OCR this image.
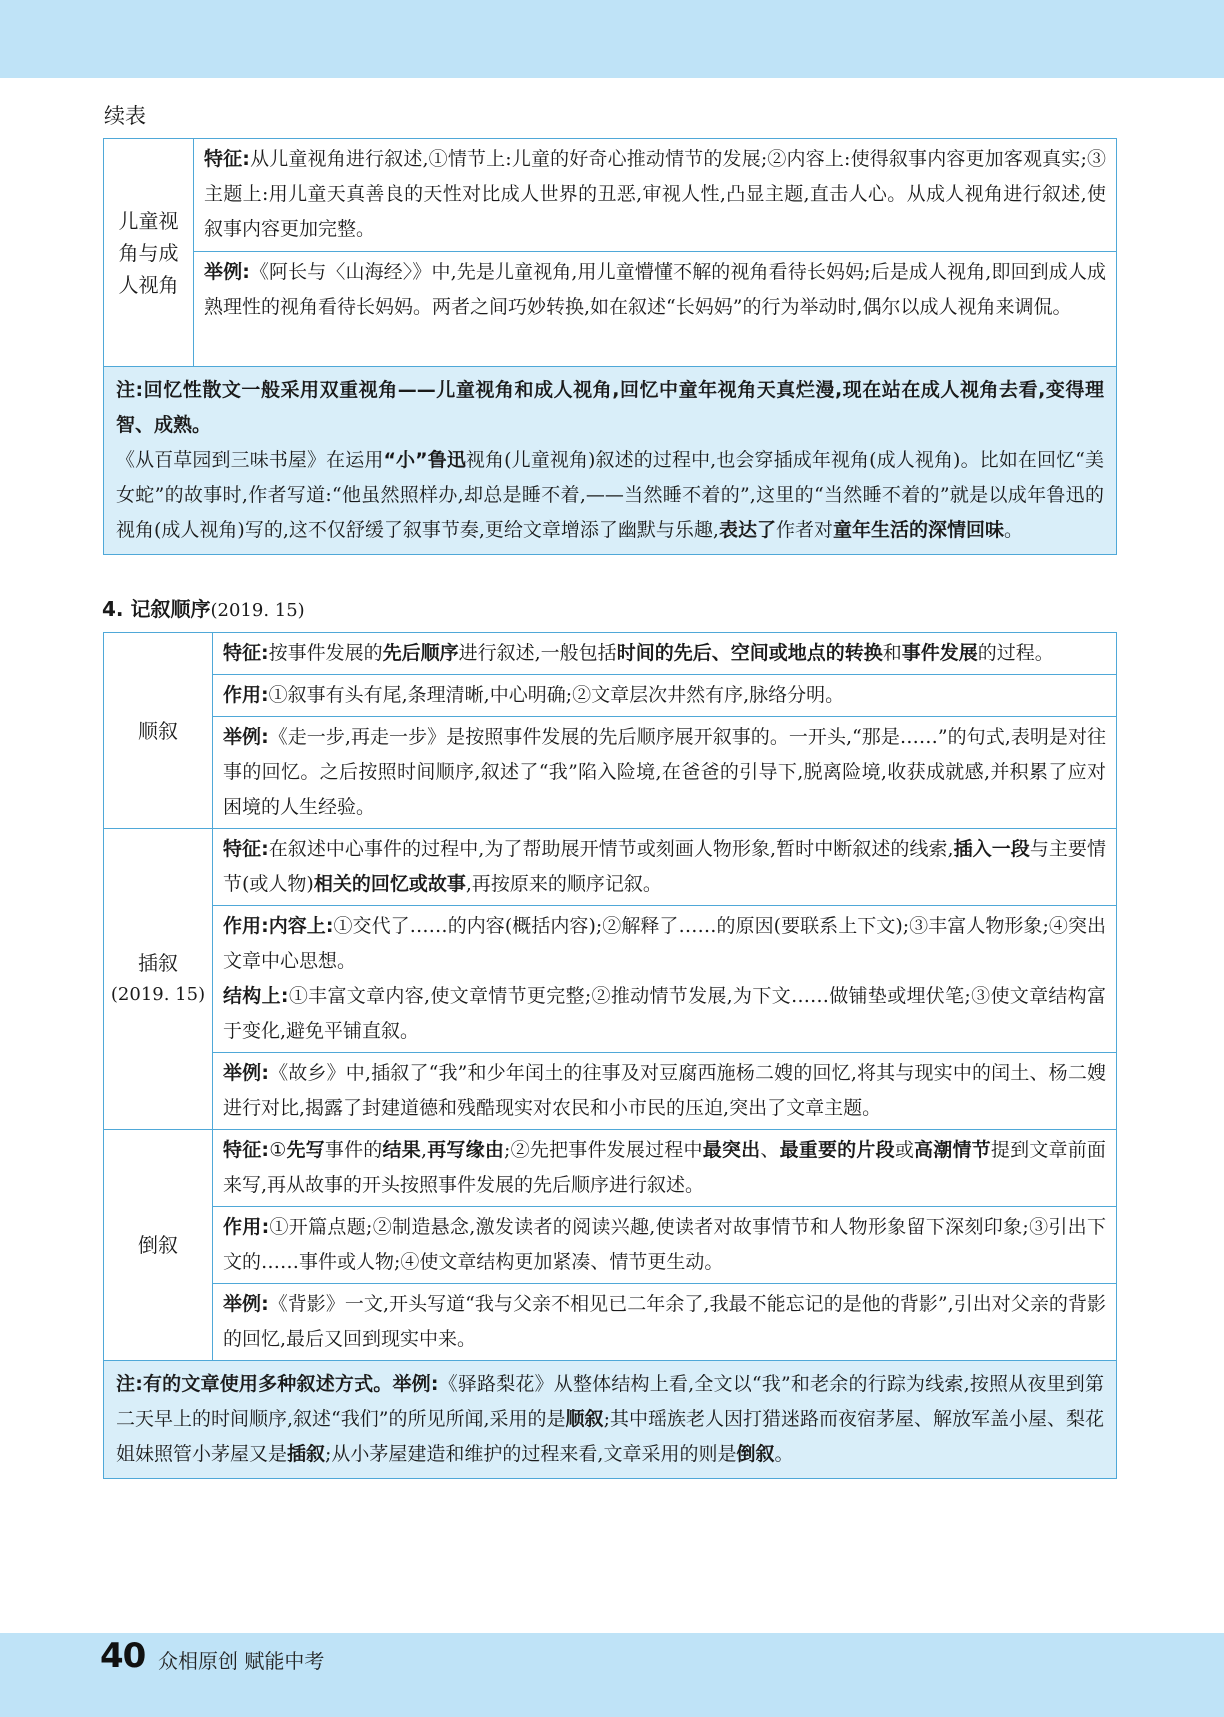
续表
儿童视角与成人视角	特征:从儿童视角进行叙述,①情节上:儿童的好奇心推动情节的发展;②内容上:使得叙事内容更加客观真实;③主题上:用儿童天真善良的天性对比成人世界的丑恶,审视人性,凸显主题,直击人心。从成人视角进行叙述,使叙事内容更加完整。
举例:《阿长与〈山海经〉》中,先是儿童视角,用儿童懵懂不解的视角看待长妈妈;后是成人视角,即回到成人成熟理性的视角看待长妈妈。两者之间巧妙转换,如在叙述“长妈妈”的行为举动时,偶尔以成人视角来调侃。
注:回忆性散文一般采用双重视角——儿童视角和成人视角,回忆中童年视角天真烂漫,现在站在成人视角去看,变得理智、成熟。
《从百草园到三味书屋》在运用“小”鲁迅视角(儿童视角)叙述的过程中,也会穿插成年视角(成人视角)。比如在回忆“美女蛇”的故事时,作者写道:“他虽然照样办,却总是睡不着,——当然睡不着的”,这里的“当然睡不着的”就是以成年鲁迅的视角(成人视角)写的,这不仅舒缓了叙事节奏,更给文章增添了幽默与乐趣,表达了作者对童年生活的深情回味。
4. 记叙顺序(2019. 15)
顺叙	特征:按事件发展的先后顺序进行叙述,一般包括时间的先后、空间或地点的转换和事件发展的过程。
	作用:①叙事有头有尾,条理清晰,中心明确;②文章层次井然有序,脉络分明。
	举例:《走一步,再走一步》是按照事件发展的先后顺序展开叙事的。一开头,“那是……”的句式,表明是对往事的回忆。之后按照时间顺序,叙述了“我”陷入险境,在爸爸的引导下,脱离险境,收获成就感,并积累了应对困境的人生经验。
插叙
(2019. 15)	特征:在叙述中心事件的过程中,为了帮助展开情节或刻画人物形象,暂时中断叙述的线索,插入一段与主要情节(或人物)相关的回忆或故事,再按原来的顺序记叙。
	作用:内容上:①交代了……的内容(概括内容);②解释了……的原因(要联系上下文);③丰富人物形象;④突出文章中心思想。
结构上:①丰富文章内容,使文章情节更完整;②推动情节发展,为下文……做铺垫或埋伏笔;③使文章结构富于变化,避免平铺直叙。
	举例:《故乡》中,插叙了“我”和少年闰土的往事及对豆腐西施杨二嫂的回忆,将其与现实中的闰土、杨二嫂进行对比,揭露了封建道德和残酷现实对农民和小市民的压迫,突出了文章主题。
倒叙	特征:①先写事件的结果,再写缘由;②先把事件发展过程中最突出、最重要的片段或高潮情节提到文章前面来写,再从故事的开头按照事件发展的先后顺序进行叙述。
	作用:①开篇点题;②制造悬念,激发读者的阅读兴趣,使读者对故事情节和人物形象留下深刻印象;③引出下文的……事件或人物;④使文章结构更加紧凑、情节更生动。
	举例:《背影》一文,开头写道“我与父亲不相见已二年余了,我最不能忘记的是他的背影”,引出对父亲的背影的回忆,最后又回到现实中来。
注:有的文章使用多种叙述方式。举例:《驿路梨花》从整体结构上看,全文以“我”和老余的行踪为线索,按照从夜里到第二天早上的时间顺序,叙述“我们”的所见所闻,采用的是顺叙;其中瑶族老人因打猎迷路而夜宿茅屋、解放军盖小屋、梨花姐妹照管小茅屋又是插叙;从小茅屋建造和维护的过程来看,文章采用的则是倒叙。	
40 众相原创 赋能中考
